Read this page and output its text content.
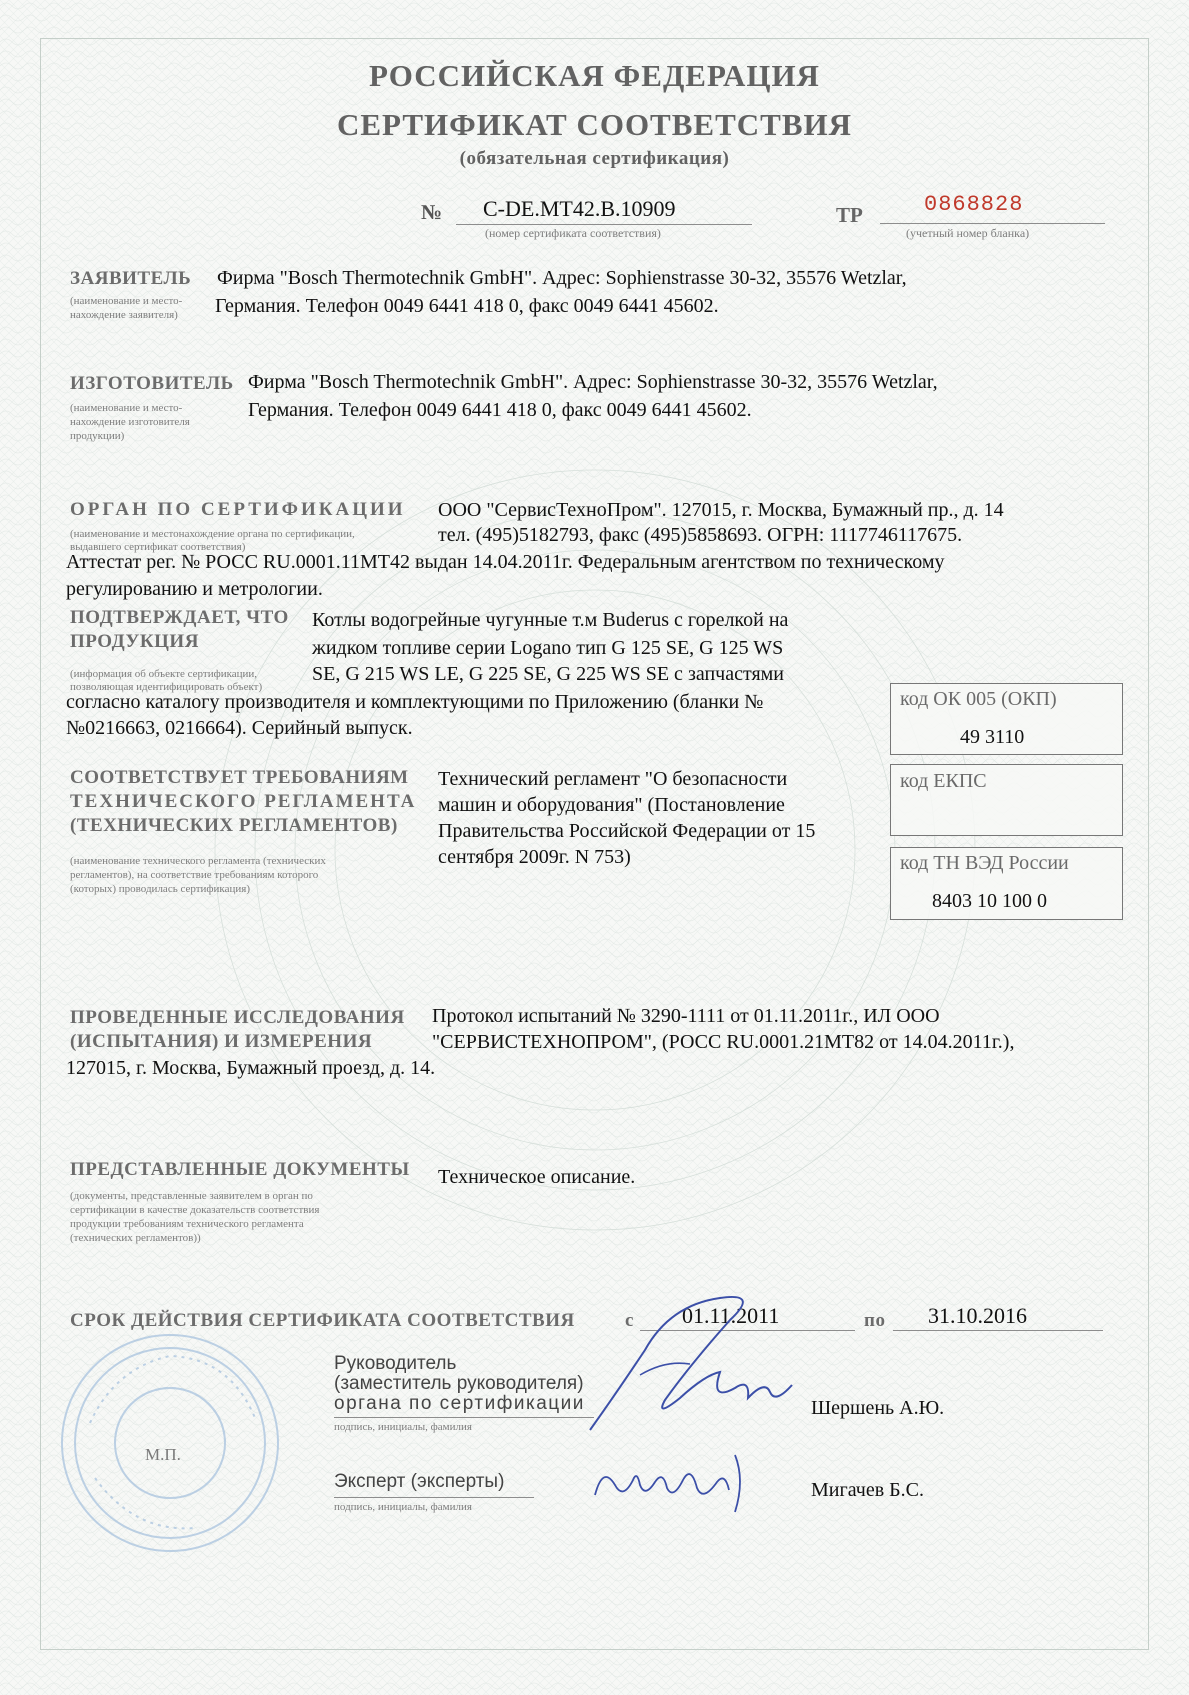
РОССИЙСКАЯ ФЕДЕРАЦИЯ
СЕРТИФИКАТ СООТВЕТСТВИЯ
(обязательная сертификация)
№ C-DE.MT42.B.10909
(номер сертификата соответствия)
ТР	0868828
(учетный номер бланка)
ЗАЯВИТЕЛЬ
(наименование и место-
нахождение заявителя)
Фирма "Bosch Thermotechnik GmbH". Адрес: Sophienstrasse 30-32, 35576 Wetzlar,
Германия. Телефон 0049 6441 418 0, факс 0049 6441 45602.
ИЗГОТОВИТЕЛЬ
(наименование и место-
нахождение изготовителя
продукции)
Фирма "Bosch Thermotechnik GmbH". Адрес: Sophienstrasse 30-32, 35576 Wetzlar,
Германия. Телефон 0049 6441 418 0, факс 0049 6441 45602.
ОРГАН ПО СЕРТИФИКАЦИИ
(наименование и местонахождение органа по сертификации,
выдавшего сертификат соответствия)
ООО "СервисТехноПром". 127015, г. Москва, Бумажный пр., д. 14
тел. (495)5182793, факс (495)5858693. ОГРН: 1117746117675.
Аттестат рег. № РОСС RU.0001.11MT42 выдан 14.04.2011г. Федеральным агентством по техническому
регулированию и метрологии.
ПОДТВЕРЖДАЕТ, ЧТО
ПРОДУКЦИЯ
(информация об объекте сертификации,
позволяющая идентифицировать объект)
Котлы водогрейные чугунные т.м Buderus с горелкой на
жидком топливе серии Logano тип G 125 SE, G 125 WS
SE, G 215 WS LE, G 225 SE, G 225 WS SE с запчастями
согласно каталогу производителя и комплектующими по Приложению (бланки №
№0216663, 0216664). Серийный выпуск.
код ОК 005 (ОКП)
49 3110
код ЕКПС
код ТН ВЭД России
8403 10 100 0
СООТВЕТСТВУЕТ ТРЕБОВАНИЯМ
ТЕХНИЧЕСКОГО РЕГЛАМЕНТА
(ТЕХНИЧЕСКИХ РЕГЛАМЕНТОВ)
(наименование технического регламента (технических
регламентов), на соответствие требованиям которого
(которых) проводилась сертификация)
Технический регламент "О безопасности
машин и оборудования" (Постановление
Правительства Российской Федерации от 15
сентября 2009г. N 753)
ПРОВЕДЕННЫЕ ИССЛЕДОВАНИЯ
(ИСПЫТАНИЯ) И ИЗМЕРЕНИЯ
Протокол испытаний № 3290-1111 от 01.11.2011г., ИЛ ООО
"СЕРВИСТЕХНОПРОМ", (РОСС RU.0001.21MT82 от 14.04.2011г.),
127015, г. Москва, Бумажный проезд, д. 14.
ПРЕДСТАВЛЕННЫЕ ДОКУМЕНТЫ
(документы, представленные заявителем в орган по
сертификации в качестве доказательств соответствия
продукции требованиям технического регламента
(технических регламентов))
Техническое описание.
СРОК ДЕЙСТВИЯ СЕРТИФИКАТА СООТВЕТСТВИЯ	с 01.11.2011	по 31.10.2016
М.П.
Руководитель
(заместитель руководителя)
органа по сертификации
подпись, инициалы, фамилия
Шершень А.Ю.
Эксперт (эксперты)
подпись, инициалы, фамилия
Мигачев Б.С.
